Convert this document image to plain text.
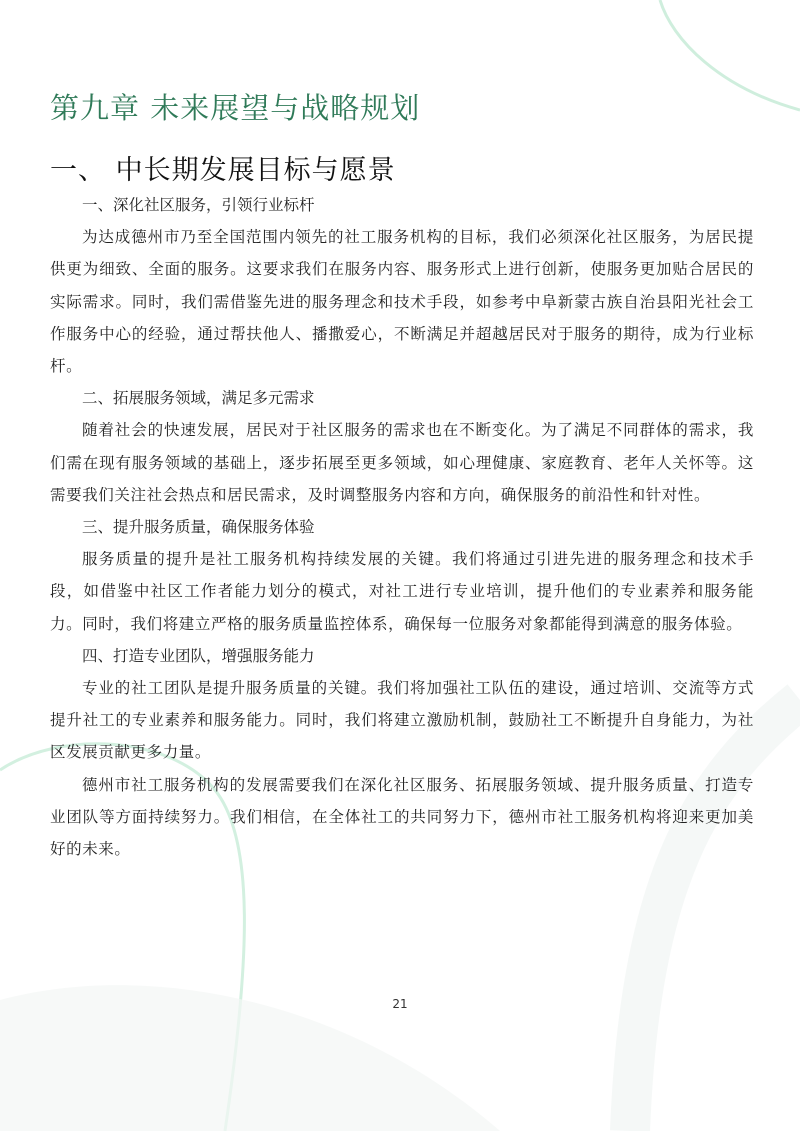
第九章 未来展望与战略规划
一、 中长期发展目标与愿景

一、深化社区服务，引领行业标杆

为达成德州市乃至全国范围内领先的社工服务机构的目标，我们必须深化社区服务，为居民提供更为细致、全面的服务。这要求我们在服务内容、服务形式上进行创新，使服务更加贴合居民的实际需求。同时，我们需借鉴先进的服务理念和技术手段，如参考中阜新蒙古族自治县阳光社会工作服务中心的经验，通过帮扶他人、播撒爱心，不断满足并超越居民对于服务的期待，成为行业标杆。

二、拓展服务领域，满足多元需求

随着社会的快速发展，居民对于社区服务的需求也在不断变化。为了满足不同群体的需求，我们需在现有服务领域的基础上，逐步拓展至更多领域，如心理健康、家庭教育、老年人关怀等。这需要我们关注社会热点和居民需求，及时调整服务内容和方向，确保服务的前沿性和针对性。

三、提升服务质量，确保服务体验

服务质量的提升是社工服务机构持续发展的关键。我们将通过引进先进的服务理念和技术手段，如借鉴中社区工作者能力划分的模式，对社工进行专业培训，提升他们的专业素养和服务能力。同时，我们将建立严格的服务质量监控体系，确保每一位服务对象都能得到满意的服务体验。

四、打造专业团队，增强服务能力

专业的社工团队是提升服务质量的关键。我们将加强社工队伍的建设，通过培训、交流等方式提升社工的专业素养和服务能力。同时，我们将建立激励机制，鼓励社工不断提升自身能力，为社区发展贡献更多力量。

德州市社工服务机构的发展需要我们在深化社区服务、拓展服务领域、提升服务质量、打造专业团队等方面持续努力。我们相信，在全体社工的共同努力下，德州市社工服务机构将迎来更加美好的未来。

21
